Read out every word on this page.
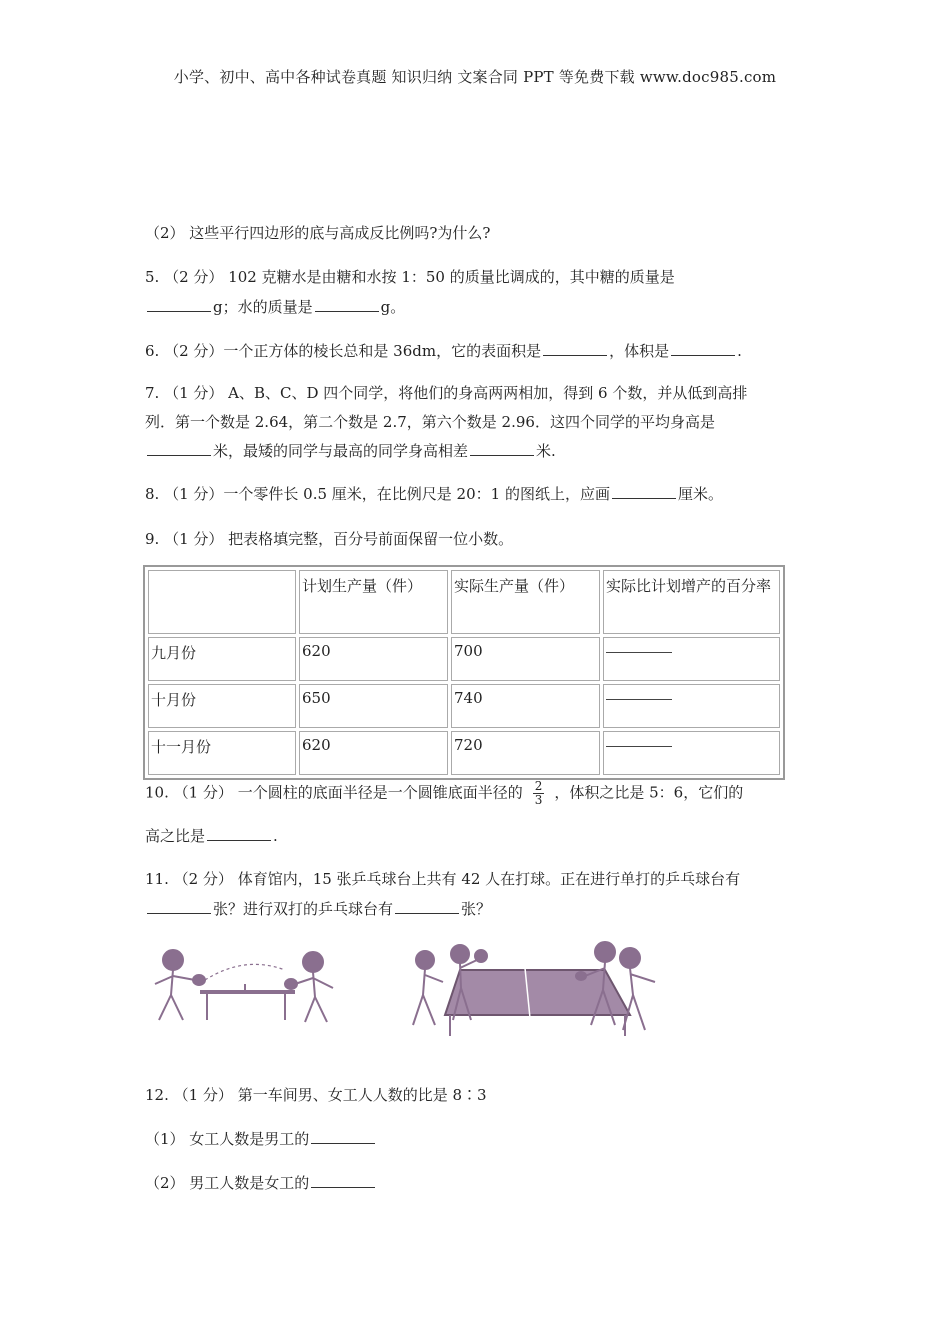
小学、初中、高中各种试卷真题 知识归纳 文案合同 PPT 等免费下载 www.doc985.com
（2） 这些平行四边形的底与高成反比例吗?为什么?
5. （2 分） 102 克糖水是由糖和水按 1：50 的质量比调成的，其中糖的质量是
g；水的质量是	g。
6. （2 分）一个正方体的棱长总和是 36dm，它的表面积是	，体积是	.
7. （1 分） A、B、C、D 四个同学，将他们的身高两两相加，得到 6 个数，并从低到高排
列．第一个数是 2.64，第二个数是 2.7，第六个数是 2.96．这四个同学的平均身高是
米，最矮的同学与最高的同学身高相差	米.
8. （1 分）一个零件长 0.5 厘米，在比例尺是 20：1 的图纸上，应画	厘米。
9. （1 分） 把表格填完整，百分号前面保留一位小数。
	计划生产量（件）	实际生产量（件）	实际比计划增产的百分率
九月份	620	700	

十月份	650	740	

十一月份	620	720	
10. （1 分） 一个圆柱的底面半径是一个圆锥底面半径的 $\frac{2}{3}$ ，体积之比是 5：6，它们的
高之比是	.
11. （2 分） 体育馆内，15 张乒乓球台上共有 42 人在打球。正在进行单打的乒乓球台有
张？进行双打的乒乓球台有	张？
12. （1 分） 第一车间男、女工人人数的比是 8∶3
（1） 女工人数是男工的
（2） 男工人数是女工的
